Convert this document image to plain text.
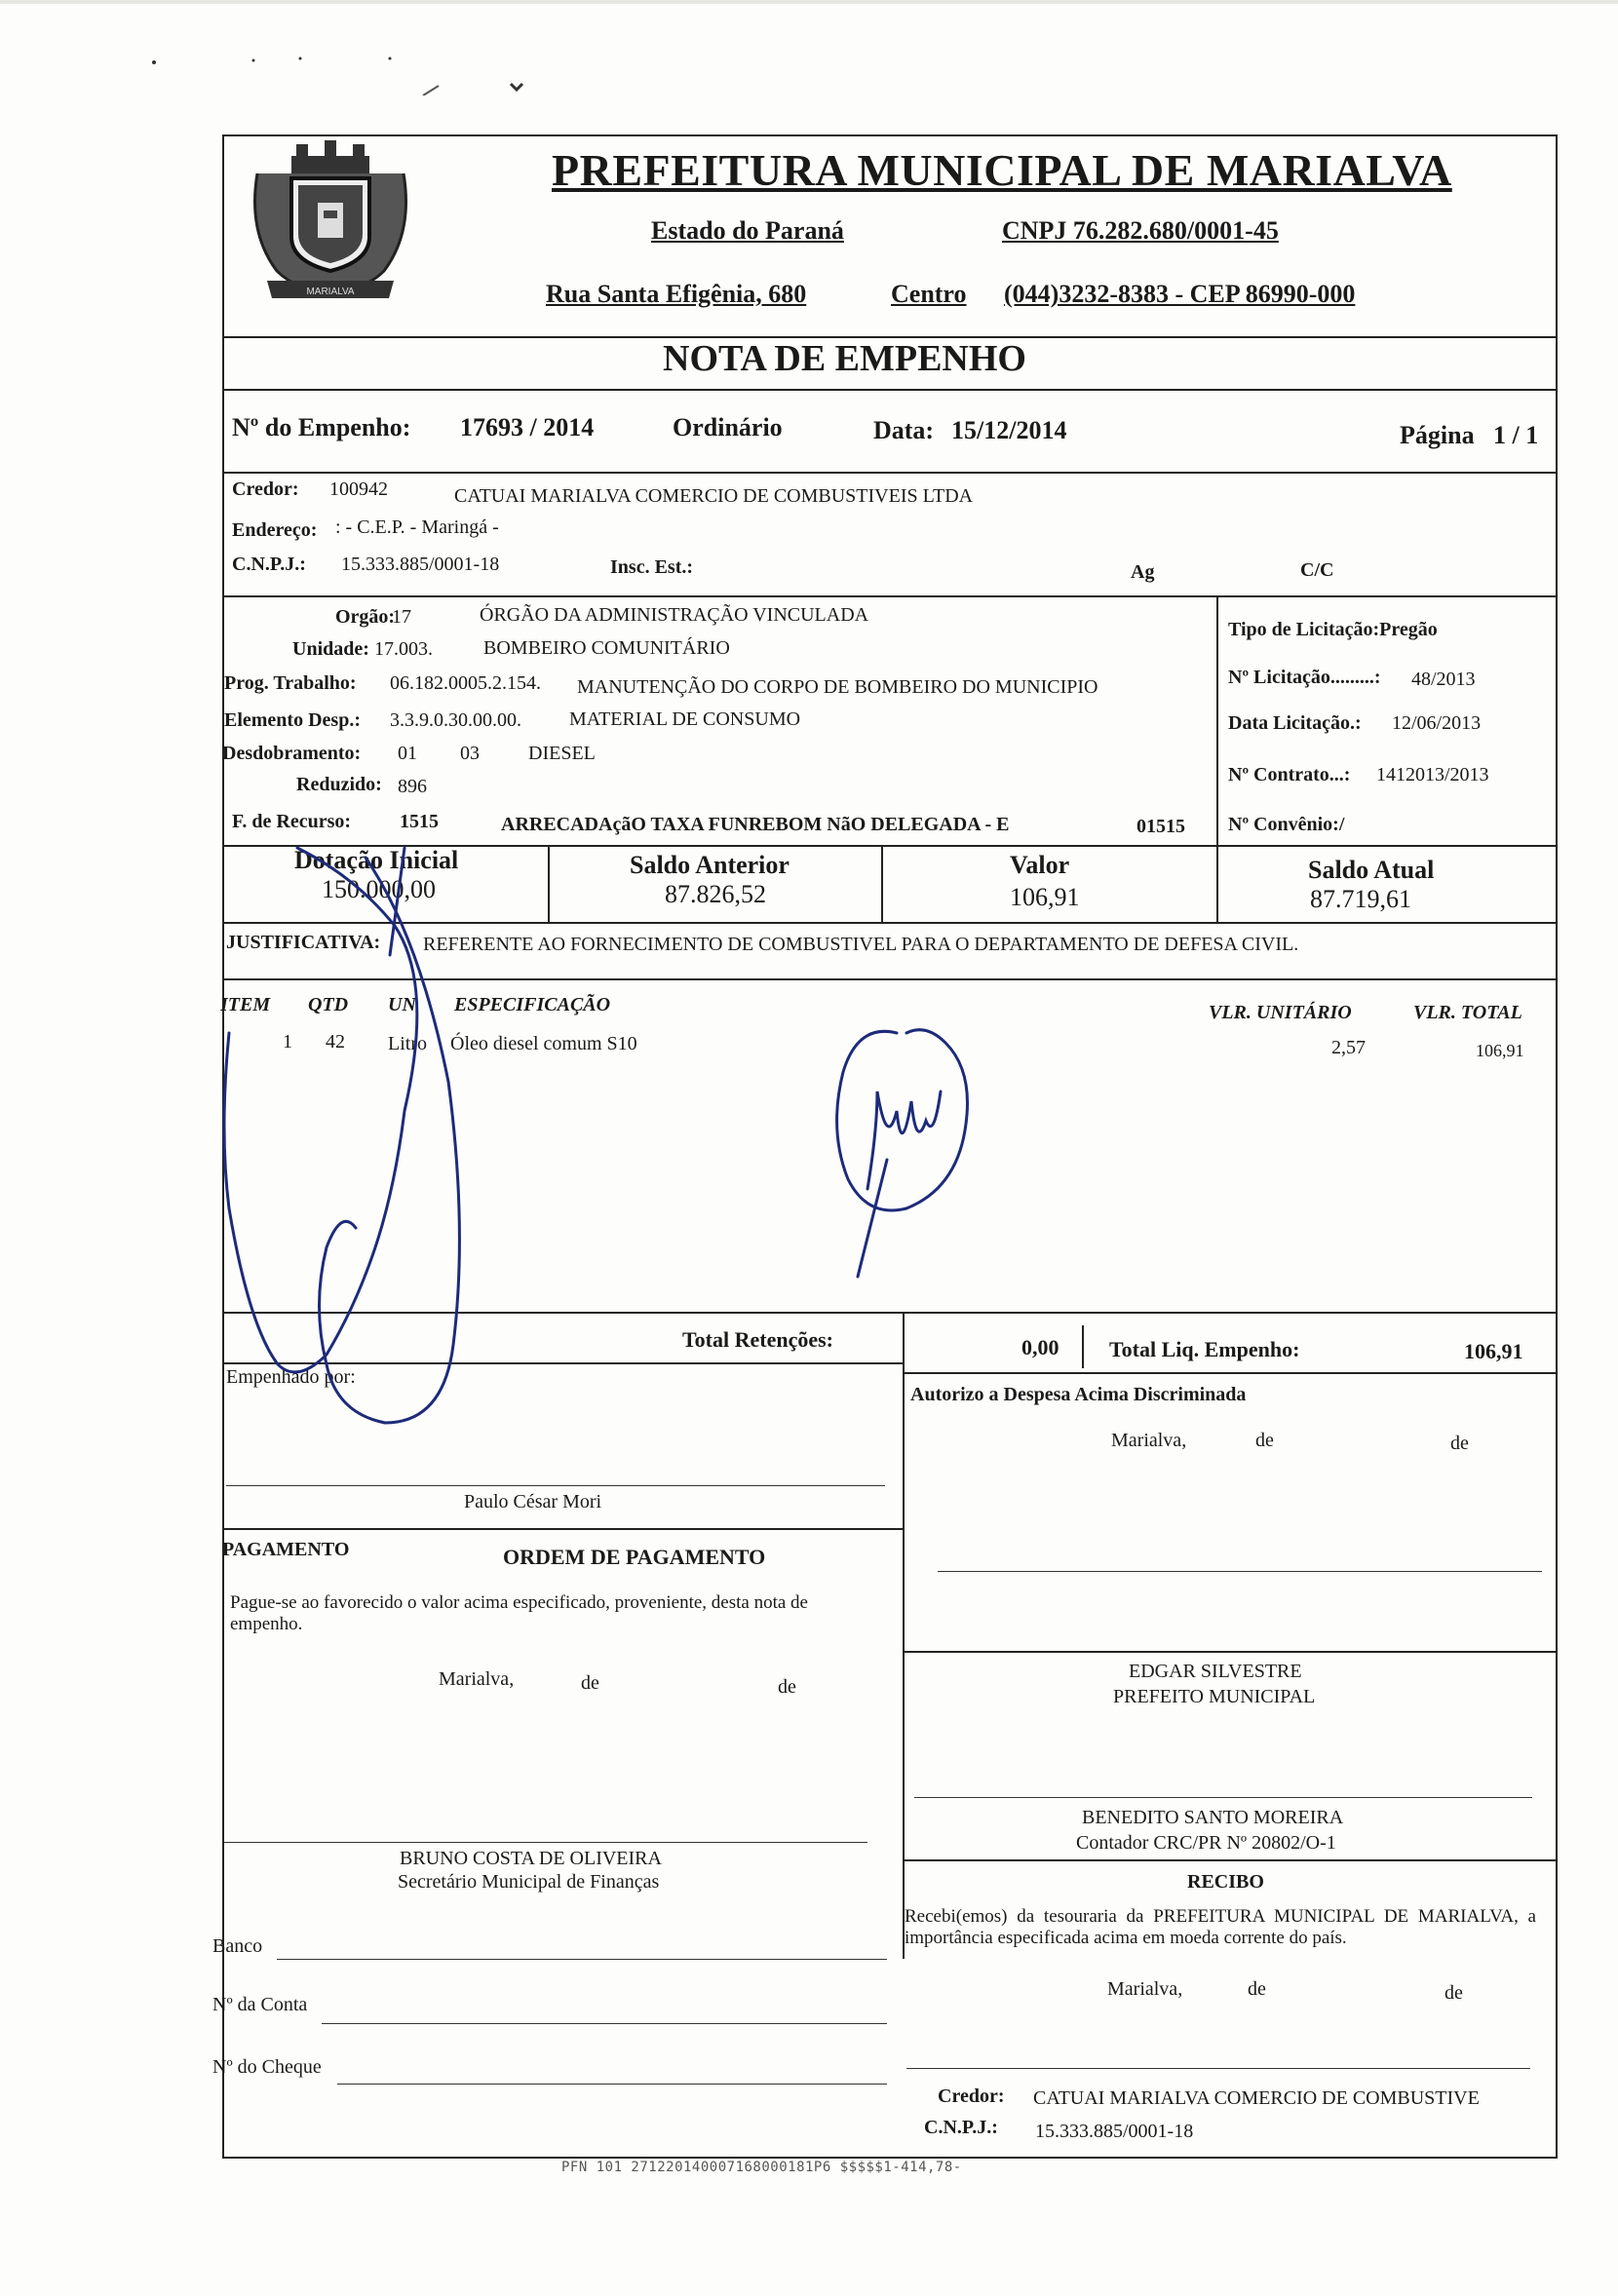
MARIALVA
PREFEITURA MUNICIPAL DE MARIALVA
Estado do Paraná	CNPJ 76.282.680/0001-45
Rua Santa Efigênia, 680	Centro (044)3232-8383 - CEP 86990-000
NOTA DE EMPENHO
Nº do Empenho: 17693 / 2014	Ordinário	Data: 15/12/2014	Página 1 / 1
Credor: 100942	CATUAI MARIALVA COMERCIO DE COMBUSTIVEIS LTDA
Endereço: : - C.E.P. - Maringá -
C.N.P.J.: 15.333.885/0001-18	Insc. Est.:	Ag	C/C
Orgão:
17	ÓRGÃO DA ADMINISTRAÇÃO VINCULADA
Unidade: 17.003.	BOMBEIRO COMUNITÁRIO
Prog. Trabalho: 06.182.0005.2.154. MANUTENÇÃO DO CORPO DE BOMBEIRO DO MUNICIPIO
Elemento Desp.: 3.3.9.0.30.00.00. MATERIAL DE CONSUMO
Desdobramento: 01 03	DIESEL
Reduzido: 896
F. de Recurso: 1515	ARRECADAçãO TAXA FUNREBOM NãO DELEGADA - E	01515
Tipo de Licitação:Pregão
Nº Licitação.........: 48/2013
Data Licitação.: 12/06/2013
Nº Contrato...: 1412013/2013
Nº Convênio:/
Dotação Inicial
150.000,00
Saldo Anterior
87.826,52
Valor
106,91
Saldo Atual
87.719,61
JUSTIFICATIVA: REFERENTE AO FORNECIMENTO DE COMBUSTIVEL PARA O DEPARTAMENTO DE DEFESA CIVIL.
ITEM QTD UN ESPECIFICAÇÃO	VLR. UNITÁRIO	VLR. TOTAL
1 42 Litro Óleo diesel comum S10	2,57	106,91
Total Retenções:	0,00 Total Liq. Empenho:	106,91
Empenhado por:
Paulo César Mori
Autorizo a Despesa Acima Discriminada
Marialva,	de	de
PAGAMENTO	ORDEM DE PAGAMENTO
Pague-se ao favorecido o valor acima especificado, proveniente, desta nota de empenho.
Marialva,	de	de
EDGAR SILVESTRE
PREFEITO MUNICIPAL
BENEDITO SANTO MOREIRA
Contador CRC/PR Nº 20802/O-1
BRUNO COSTA DE OLIVEIRA
Secretário Municipal de Finanças	RECIBO
Recebi(emos) da tesouraria da PREFEITURA MUNICIPAL DE MARIALVA, a importância especificada acima em moeda corrente do país.
Marialva,	de	de
Banco
Nº da Conta
Nº do Cheque
Credor: CATUAI MARIALVA COMERCIO DE COMBUSTIVE
C.N.P.J.: 15.333.885/0001-18
PFN 101 271220140007168000181P6 $$$$$1-414,78-
